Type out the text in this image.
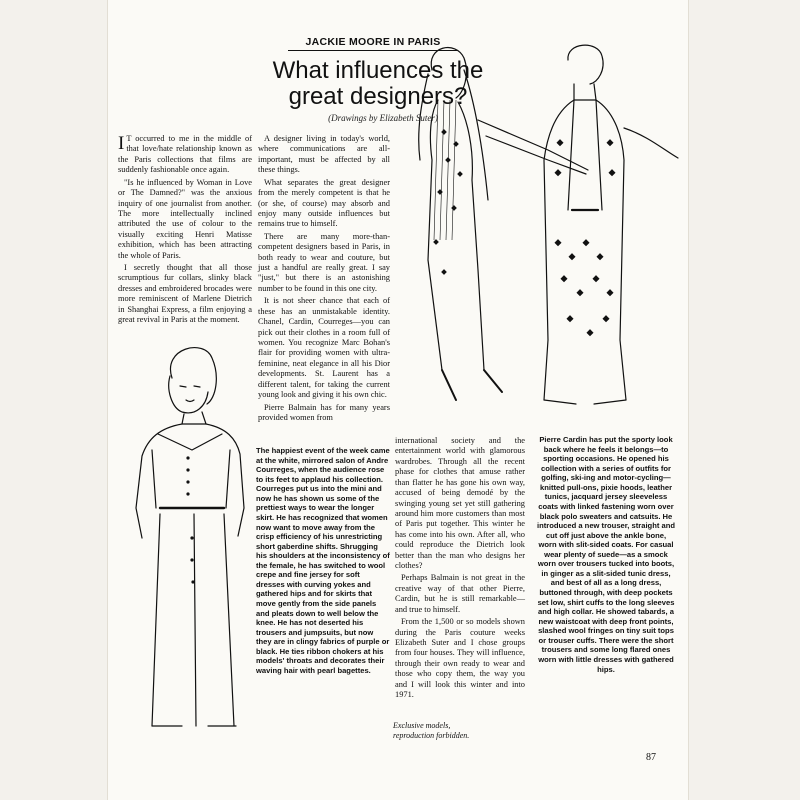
JACKIE MOORE IN PARIS
What influences the
great designers?
(Drawings by Elizabeth Suter)

I T occurred to me in the middle of that love/hate relationship known as the Paris collections that films are suddenly fashionable once again.

"Is he influenced by Woman in Love or The Damned?" was the anxious inquiry of one journalist from another. The more intellectually inclined attributed the use of colour to the visually exciting Henri Matisse exhibition, which has been attracting the whole of Paris.

I secretly thought that all those scrumptious fur collars, slinky black dresses and embroidered brocades were more reminiscent of Marlene Dietrich in Shanghai Express, a film enjoying a great revival in Paris at the moment.

A designer living in today's world, where communications are all-important, must be affected by all these things.

What separates the great designer from the merely competent is that he (or she, of course) may absorb and enjoy many outside influences but remains true to himself.

There are many more-than-competent designers based in Paris, in both ready to wear and couture, but just a handful are really great. I say "just," but there is an astonishing number to be found in this one city.

It is not sheer chance that each of these has an unmistakable identity. Chanel, Cardin, Courreges—you can pick out their clothes in a room full of women. You recognize Marc Bohan's flair for providing women with ultra-feminine, neat elegance in all his Dior developments. St. Laurent has a different talent, for taking the current young look and giving it his own chic.

Pierre Balmain has for many years provided women from

The happiest event of the week came at the white, mirrored salon of Andre Courreges, when the audience rose to its feet to applaud his collection. Courreges put us into the mini and now he has shown us some of the prettiest ways to wear the longer skirt. He has recognized that women now want to move away from the crisp efficiency of his unrestricting short gaberdine shifts. Shrugging his shoulders at the inconsistency of the female, he has switched to wool crepe and fine jersey for soft dresses with curving yokes and gathered hips and for skirts that move gently from the side panels and pleats down to well below the knee. He has not deserted his trousers and jumpsuits, but now they are in clingy fabrics of purple or black. He ties ribbon chokers at his models' throats and decorates their waving hair with pearl bagettes.

international society and the entertainment world with glamorous wardrobes. Through all the recent phase for clothes that amuse rather than flatter he has gone his own way, accused of being demodé by the swinging young set yet still gathering around him more customers than most of Paris put together. This winter he has come into his own. After all, who could reproduce the Dietrich look better than the man who designs her clothes?

Perhaps Balmain is not great in the creative way of that other Pierre, Cardin, but he is still remarkable—and true to himself.

From the 1,500 or so models shown during the Paris couture weeks Elizabeth Suter and I chose groups from four houses. They will influence, through their own ready to wear and those who copy them, the way you and I will look this winter and into 1971.

Pierre Cardin has put the sporty look back where he feels it belongs—to sporting occasions. He opened his collection with a series of outfits for golfing, ski-ing and motor-cycling—knitted pull-ons, pixie hoods, leather tunics, jacquard jersey sleeveless coats with linked fastening worn over black polo sweaters and catsuits. He introduced a new trouser, straight and cut off just above the ankle bone, worn with slit-sided coats. For casual wear plenty of suede—as a smock worn over trousers tucked into boots, in ginger as a slit-sided tunic dress, and best of all as a long dress, buttoned through, with deep pockets set low, shirt cuffs to the long sleeves and high collar. He showed tabards, a new waistcoat with deep front points, slashed wool fringes on tiny suit tops or trouser cuffs. There were the short trousers and some long flared ones worn with little dresses with gathered hips.
Exclusive models,
reproduction forbidden.
87
